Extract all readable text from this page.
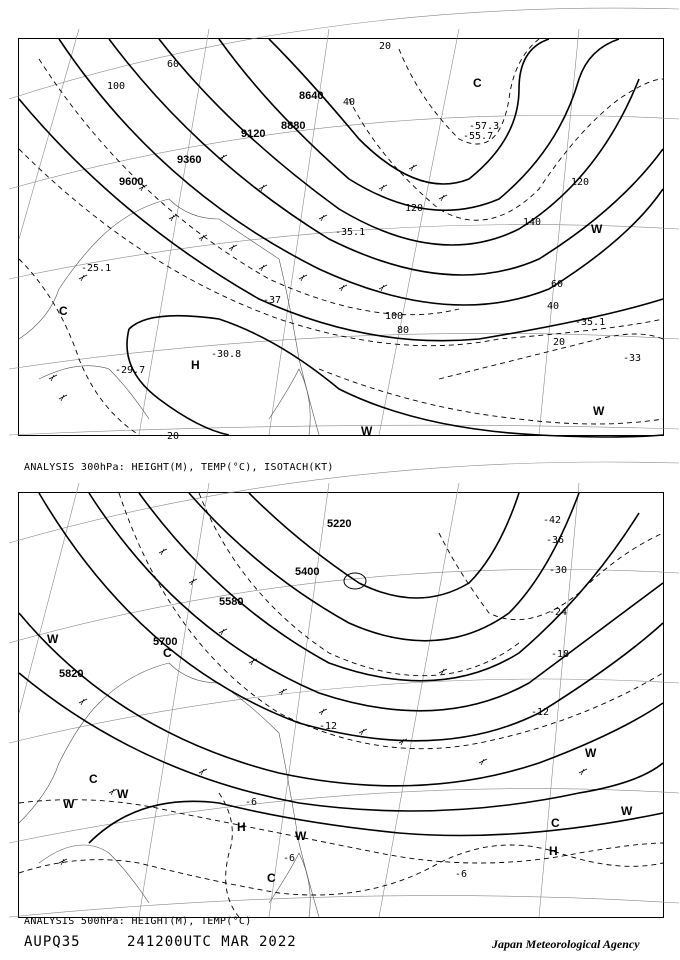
8640
8880
9120
9360
9600
20
40
60
100
120
140
80
100
120
40
60
20
20
-30.8
-55.7
-57.3
-35.1
-33
-37
-25.1
-29.7
-35.1
H
C
C
W
W
W
ANALYSIS 300hPa: HEIGHT(M), TEMP(°C), ISOTACH(KT)
5220
5580
5700
5820
5400
-42
-36
-30
-24
-18
-12
-6
-6
-6
-12
H
H
C
C
C
W
W
W
W
W
W
C
ANALYSIS 500hPa: HEIGHT(M), TEMP(°C)
AUPQ35	241200UTC MAR 2022	Japan Meteorological Agency
